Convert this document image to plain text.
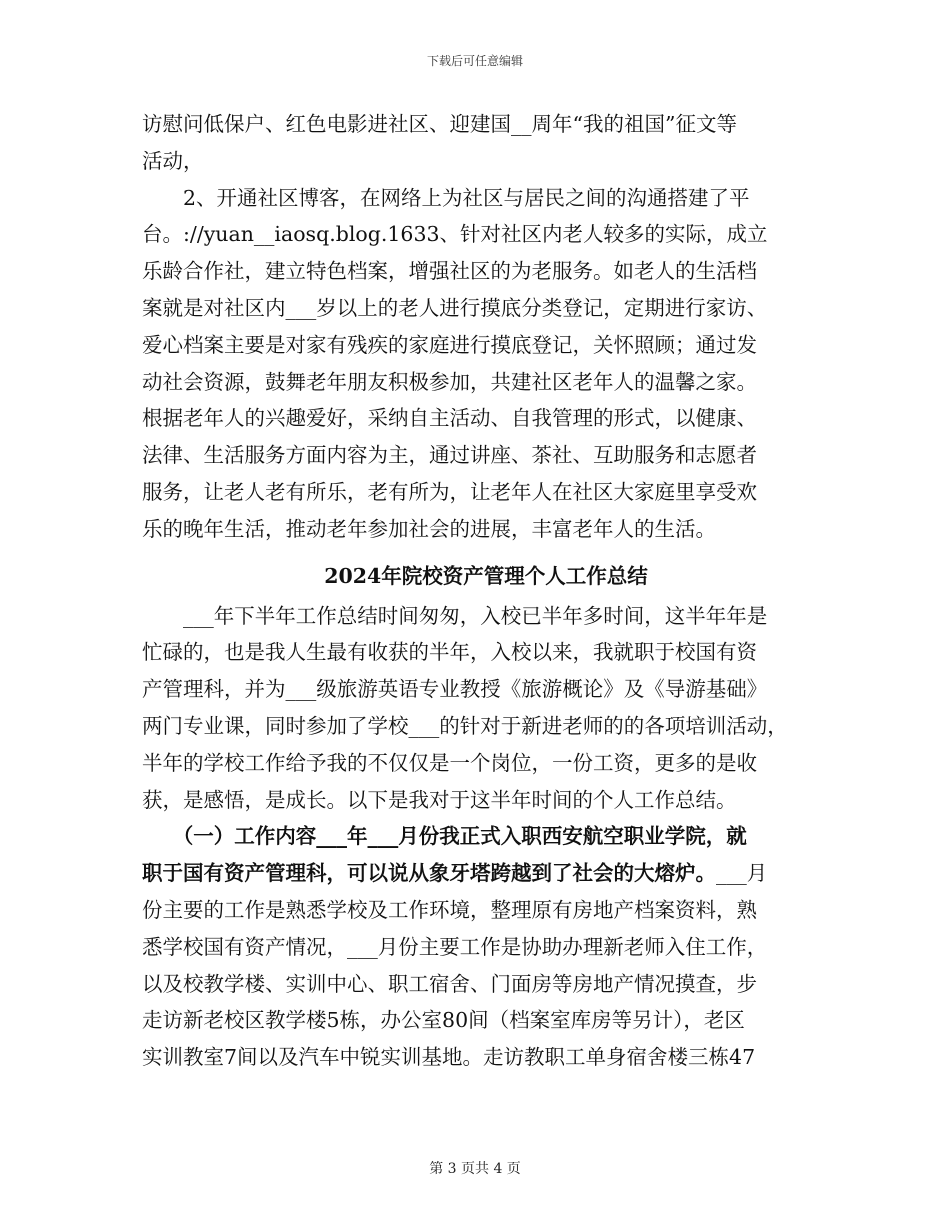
下载后可任意编辑
访慰问低保户、红色电影进社区、迎建国__周年“我的祖国”征文等
活动，
　　2、开通社区博客，在网络上为社区与居民之间的沟通搭建了平
台。://yuan__iaosq.blog.1633、针对社区内老人较多的实际，成立
乐龄合作社，建立特色档案，增强社区的为老服务。如老人的生活档
案就是对社区内___岁以上的老人进行摸底分类登记，定期进行家访、
爱心档案主要是对家有残疾的家庭进行摸底登记，关怀照顾；通过发
动社会资源，鼓舞老年朋友积极参加，共建社区老年人的温馨之家。
根据老年人的兴趣爱好，采纳自主活动、自我管理的形式，以健康、
法律、生活服务方面内容为主，通过讲座、茶社、互助服务和志愿者
服务，让老人老有所乐，老有所为，让老年人在社区大家庭里享受欢
乐的晚年生活，推动老年参加社会的进展，丰富老年人的生活。
2024年院校资产管理个人工作总结
　　___年下半年工作总结时间匆匆，入校已半年多时间，这半年年是
忙碌的，也是我人生最有收获的半年，入校以来，我就职于校国有资
产管理科，并为___级旅游英语专业教授《旅游概论》及《导游基础》
两门专业课，同时参加了学校___的针对于新进老师的的各项培训活动，
半年的学校工作给予我的不仅仅是一个岗位，一份工资，更多的是收
获，是感悟，是成长。以下是我对于这半年时间的个人工作总结。
　　（一）工作内容___年___月份我正式入职西安航空职业学院，就
职于国有资产管理科，可以说从象牙塔跨越到了社会的大熔炉。___月
份主要的工作是熟悉学校及工作环境，整理原有房地产档案资料，熟
悉学校国有资产情况，___月份主要工作是协助办理新老师入住工作，
以及校教学楼、实训中心、职工宿舍、门面房等房地产情况摸查，步
走访新老校区教学楼5栋，办公室80间（档案室库房等另计），老区
实训教室7间以及汽车中锐实训基地。走访教职工单身宿舍楼三栋47
第 3 页共 4 页
